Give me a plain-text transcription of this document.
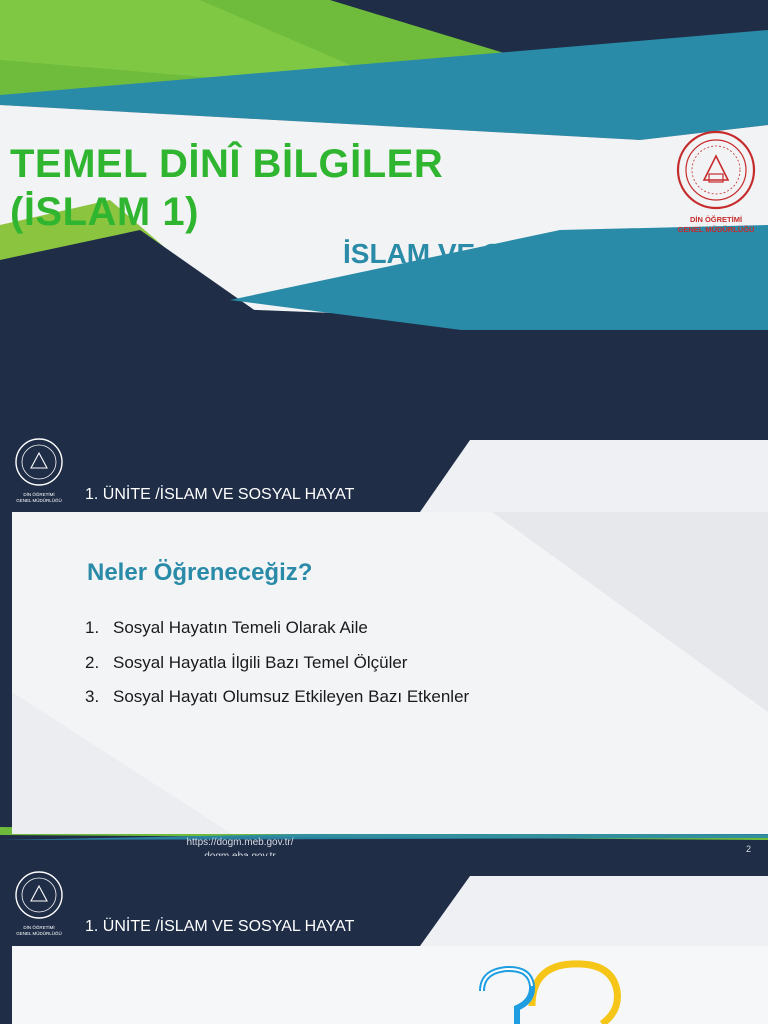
TEMEL DİNÎ BİLGİLER
(İSLAM 1)
İSLAM VE SOSYAL HAYAT
DİN ÖĞRETİMİ
GENEL MÜDÜRLÜĞÜ
DİN ÖĞRETİMİ
GENEL MÜDÜRLÜĞÜ 1. ÜNİTE /İSLAM VE SOSYAL HAYAT
Neler Öğreneceğiz?
1. Sosyal Hayatın Temeli Olarak Aile
2. Sosyal Hayatla İlgili Bazı Temel Ölçüler
3. Sosyal Hayatı Olumsuz Etkileyen Bazı Etkenler
https://dogm.meb.gov.tr/
2
DİN ÖĞRETİMİ
GENEL MÜDÜRLÜĞÜ 1. ÜNİTE /İSLAM VE SOSYAL HAYAT
